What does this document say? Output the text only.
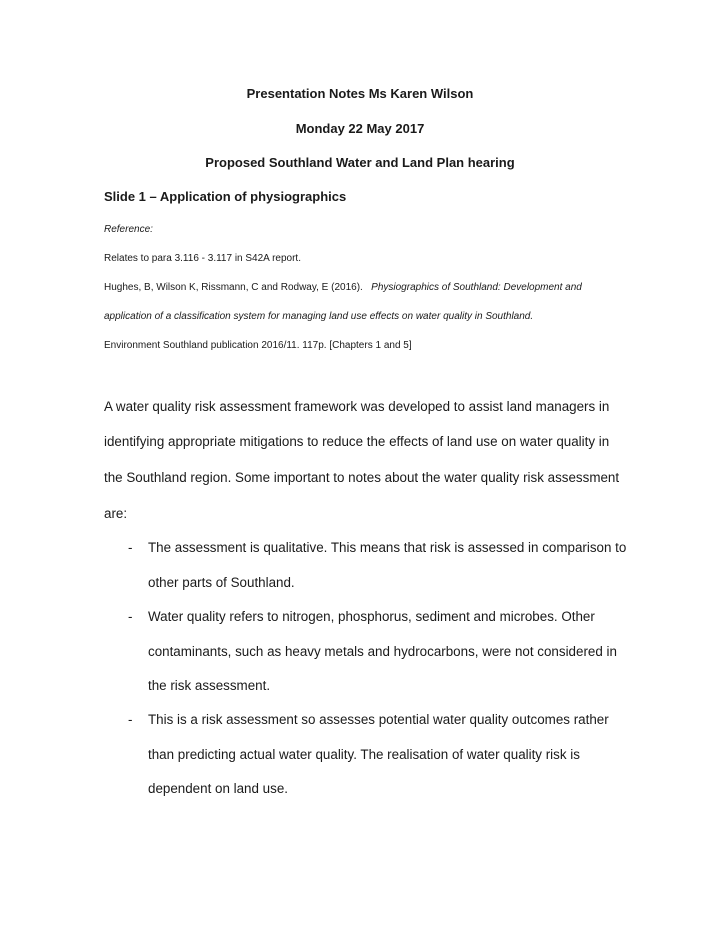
Presentation Notes Ms Karen Wilson

Monday 22 May 2017

Proposed Southland Water and Land Plan hearing

Slide 1 – Application of physiographics

Reference:

Relates to para 3.116 - 3.117 in S42A report.

Hughes, B, Wilson K, Rissmann, C and Rodway, E (2016). Physiographics of Southland: Development and

application of a classification system for managing land use effects on water quality in Southland.

Environment Southland publication 2016/11. 117p. [Chapters 1 and 5]

A water quality risk assessment framework was developed to assist land managers in

identifying appropriate mitigations to reduce the effects of land use on water quality in

the Southland region. Some important to notes about the water quality risk assessment

are:

- The assessment is qualitative. This means that risk is assessed in comparison to

other parts of Southland.

- Water quality refers to nitrogen, phosphorus, sediment and microbes. Other

contaminants, such as heavy metals and hydrocarbons, were not considered in

the risk assessment.

- This is a risk assessment so assesses potential water quality outcomes rather

than predicting actual water quality. The realisation of water quality risk is

dependent on land use.
